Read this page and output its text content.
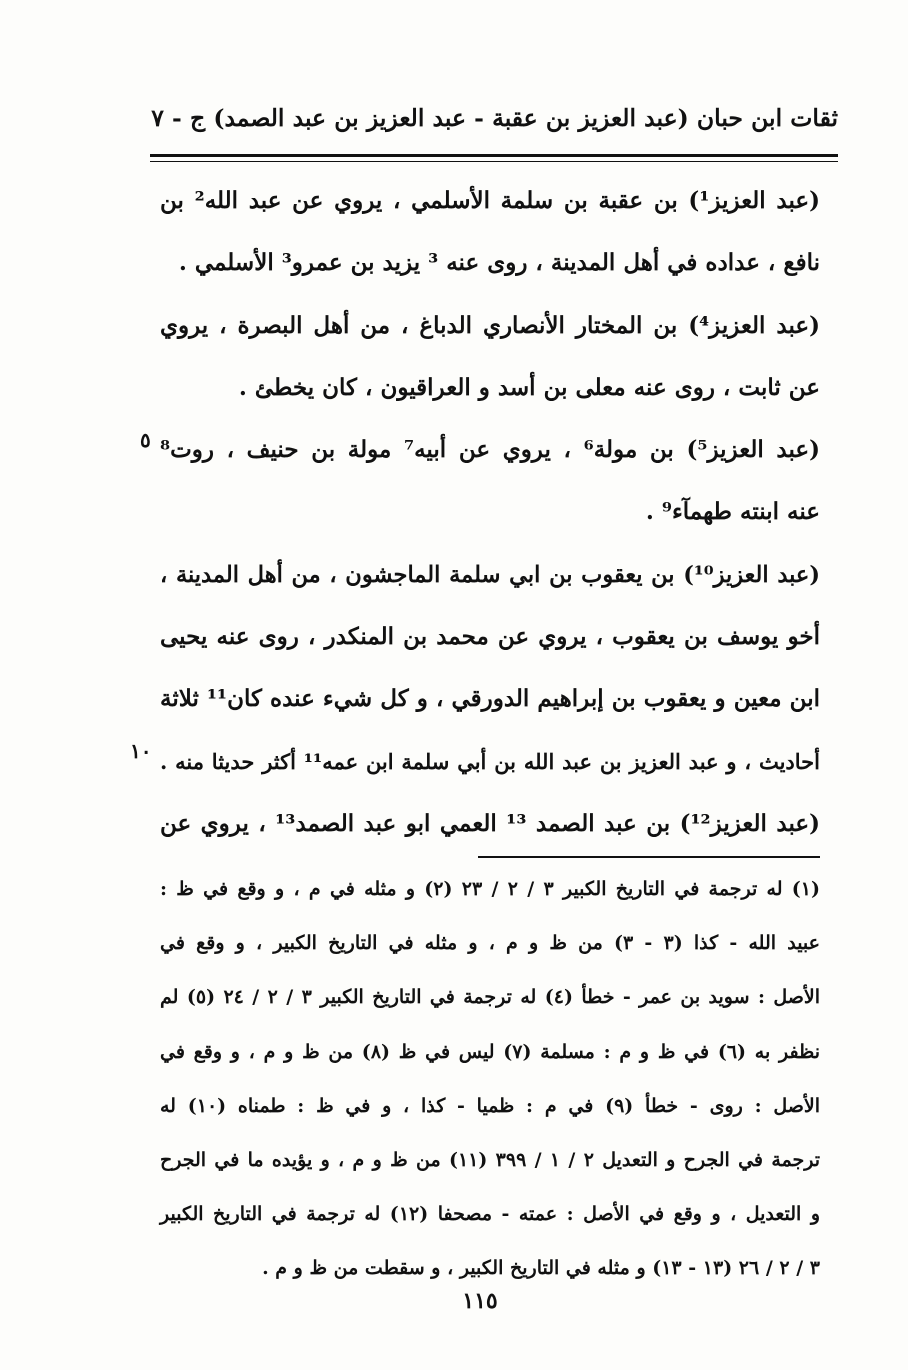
ثقات ابن حبان (عبد العزيز بن عقبة - عبد العزيز بن عبد الصمد) ج - ٧
(عبد العزيز¹) بن عقبة بن سلمة الأسلمي ، يروي عن عبد الله² بن
نافع ، عداده في أهل المدينة ، روى عنه ³ يزيد بن عمرو³ الأسلمي .
(عبد العزيز⁴) بن المختار الأنصاري الدباغ ، من أهل البصرة ، يروي
عن ثابت ، روى عنه معلى بن أسد و العراقيون ، كان يخطئ .
(عبد العزيز⁵) بن مولة⁶ ، يروي عن أبيه⁷ مولة بن حنيف ، روت⁸
عنه ابنته طهمآء⁹ .
(عبد العزيز¹⁰) بن يعقوب بن ابي سلمة الماجشون ، من أهل المدينة ،
أخو يوسف بن يعقوب ، يروي عن محمد بن المنكدر ، روى عنه يحيى
ابن معين و يعقوب بن إبراهيم الدورقي ، و كل شيء عنده كان¹¹ ثلاثة
أحاديث ، و عبد العزيز بن عبد الله بن أبي سلمة ابن عمه¹¹ أكثر حديثا منه .
(عبد العزيز¹²) بن عبد الصمد ¹³ العمي ابو عبد الصمد¹³ ، يروي عن
٥
١٠
(١) له ترجمة في التاريخ الكبير ٣ / ٢ / ٢٣ (٢) و مثله في م ، و وقع في ظ :
عبيد الله - كذا (٣ - ٣) من ظ و م ، و مثله في التاريخ الكبير ، و وقع في
الأصل : سويد بن عمر - خطأ (٤) له ترجمة في التاريخ الكبير ٣ / ٢ / ٢٤ (٥) لم
نظفر به (٦) في ظ و م : مسلمة (٧) ليس في ظ (٨) من ظ و م ، و وقع في
الأصل : روى - خطأ (٩) في م : ظميا - كذا ، و في ظ : طمناه (١٠) له
ترجمة في الجرح و التعديل ٢ / ١ / ٣٩٩ (١١) من ظ و م ، و يؤيده ما في الجرح
و التعديل ، و وقع في الأصل : عمته - مصحفا (١٢) له ترجمة في التاريخ الكبير
٣ / ٢ / ٢٦ (١٣ - ١٣) و مثله في التاريخ الكبير ، و سقطت من ظ و م .
١١٥
